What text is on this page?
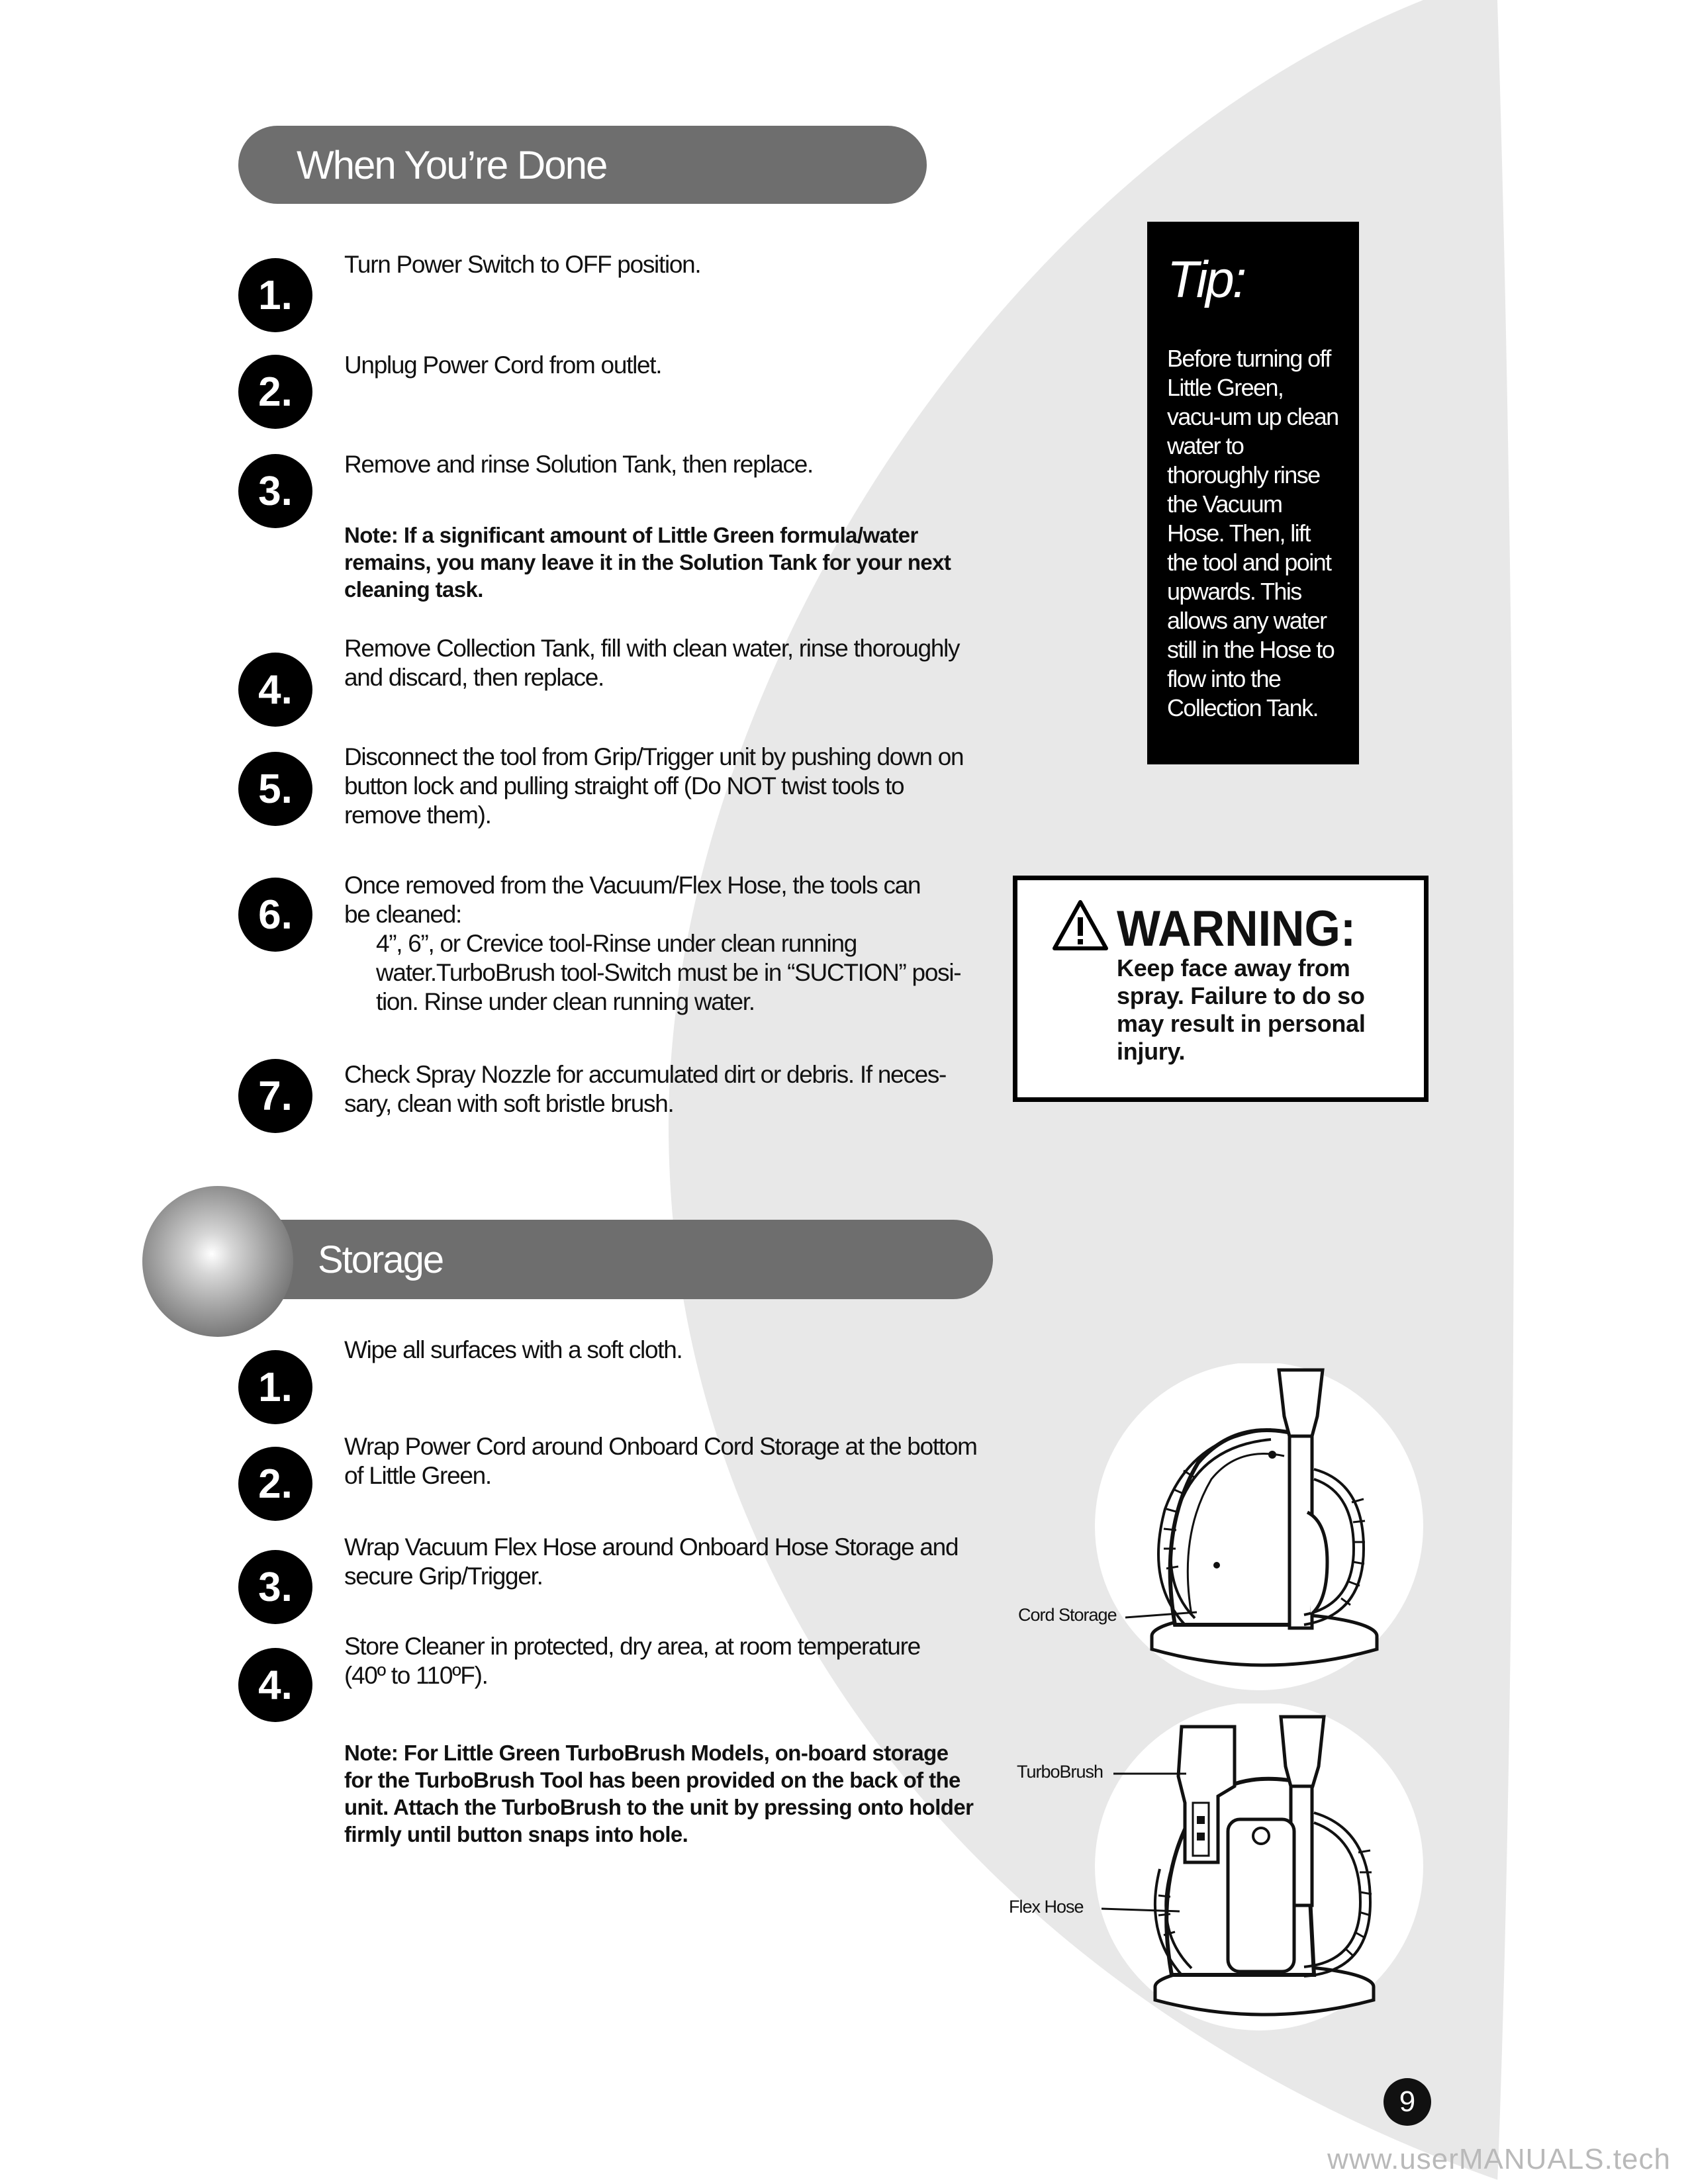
When You’re Done
1.
Turn Power Switch to OFF position.
2.
Unplug Power Cord from outlet.
3.
Remove and rinse Solution Tank, then replace.
Note: If a significant amount of Little Green formula/water remains, you many leave it in the Solution Tank for your next cleaning task.
4.
Remove Collection Tank, fill with clean water, rinse thoroughly
and discard, then replace.
5.
Disconnect the tool from Grip/Trigger unit by pushing down on
button lock and pulling straight off (Do NOT twist tools to
remove them).
6.
Once removed from the Vacuum/Flex Hose, the tools can
be cleaned:
4”, 6”, or Crevice tool-Rinse under clean running water.TurboBrush tool-Switch must be in “SUCTION” posi-tion. Rinse under clean running water.
7.	Check Spray Nozzle for accumulated dirt or debris. If neces-
sary, clean with soft bristle brush.
Tip:
Before turning off Little Green, vacu-um up clean water to thoroughly rinse the Vacuum Hose. Then, lift the tool and point upwards. This allows any water still in the Hose to flow into the Collection Tank.
WARNING:
Keep face away from spray. Failure to do so may result in personal injury.
Storage
1.
Wipe all surfaces with a soft cloth.
2.
Wrap Power Cord around Onboard Cord Storage at the bottom
of Little Green.
3.
Wrap Vacuum Flex Hose around Onboard Hose Storage and
secure Grip/Trigger.
4.
Store Cleaner in protected, dry area, at room temperature
(40º to 110ºF).
Note: For Little Green TurboBrush Models, on-board storage for the TurboBrush Tool has been provided on the back of the unit. Attach the TurboBrush to the unit by pressing onto holder firmly until button snaps into hole.
Cord Storage
TurboBrush
Flex Hose
9
www.userMANUALS.tech
